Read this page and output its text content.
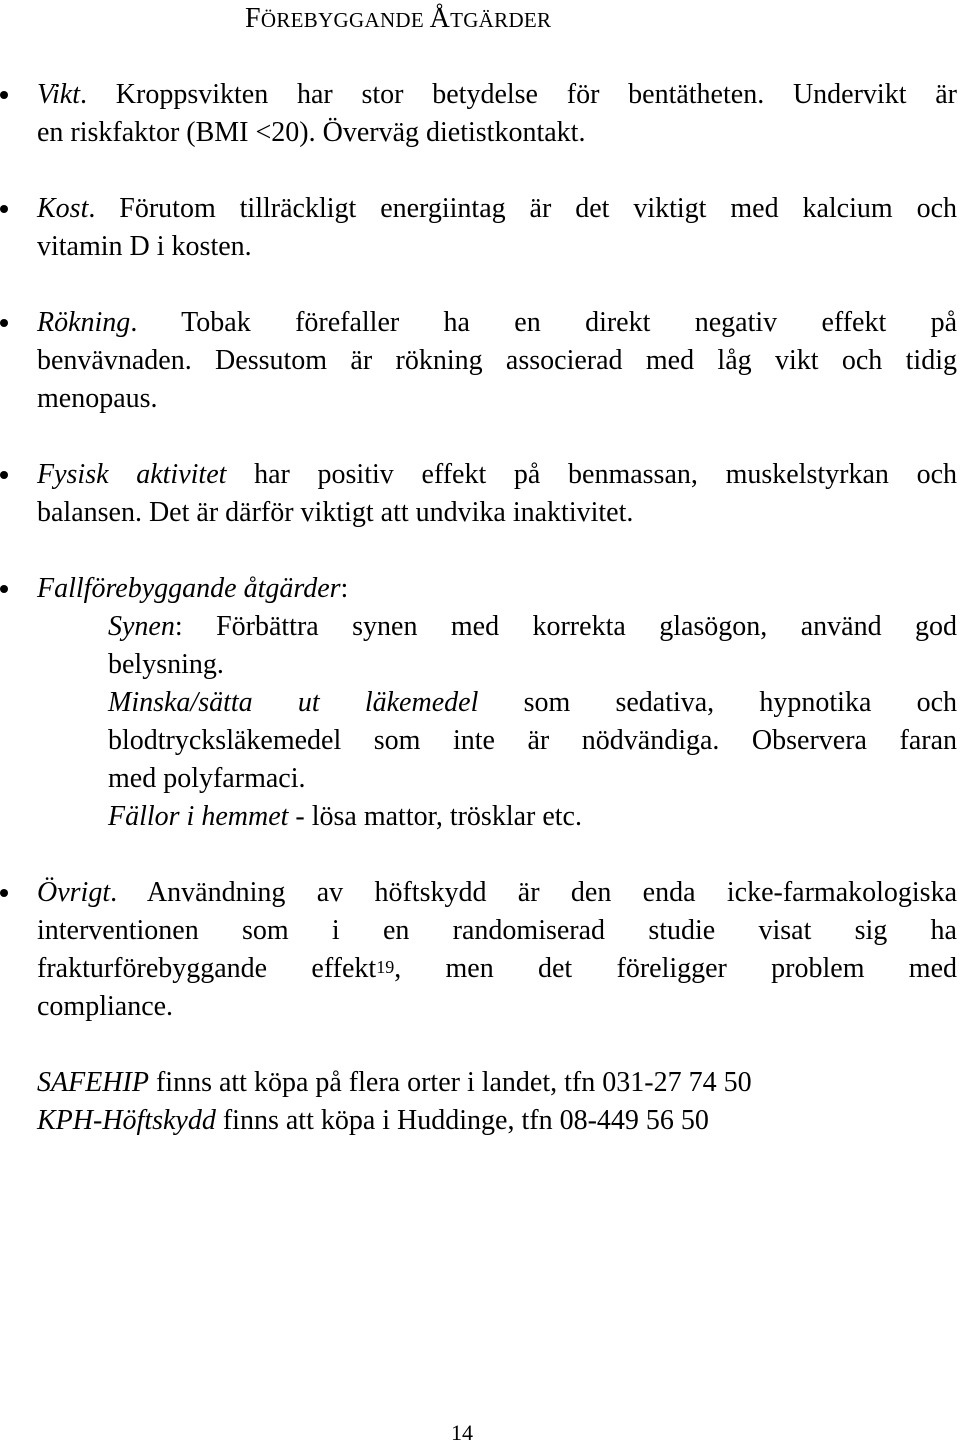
FÖREBYGGANDE ÅTGÄRDER
Vikt. Kroppsvikten har stor betydelse för bentätheten. Undervikt är
en riskfaktor (BMI <20). Överväg dietistkontakt.
Kost. Förutom tillräckligt energiintag är det viktigt med kalcium och
vitamin D i kosten.
Rökning. Tobak förefaller ha en direkt negativ effekt på
benvävnaden. Dessutom är rökning associerad med låg vikt och tidig
menopaus.
Fysisk aktivitet har positiv effekt på benmassan, muskelstyrkan och
balansen. Det är därför viktigt att undvika inaktivitet.
Fallförebyggande åtgärder:
Synen: Förbättra synen med korrekta glasögon, använd god
belysning.
Minska/sätta ut läkemedel som sedativa, hypnotika och
blodtrycksläkemedel som inte är nödvändiga. Observera faran
med polyfarmaci.
Fällor i hemmet - lösa mattor, trösklar etc.
Övrigt. Användning av höftskydd är den enda icke-farmakologiska
interventionen som i en randomiserad studie visat sig ha
frakturförebyggande effekt$^{19}$, men det föreligger problem med
compliance.
SAFEHIP finns att köpa på flera orter i landet, tfn 031-27 74 50
KPH-Höftskydd finns att köpa i Huddinge, tfn 08-449 56 50
14
